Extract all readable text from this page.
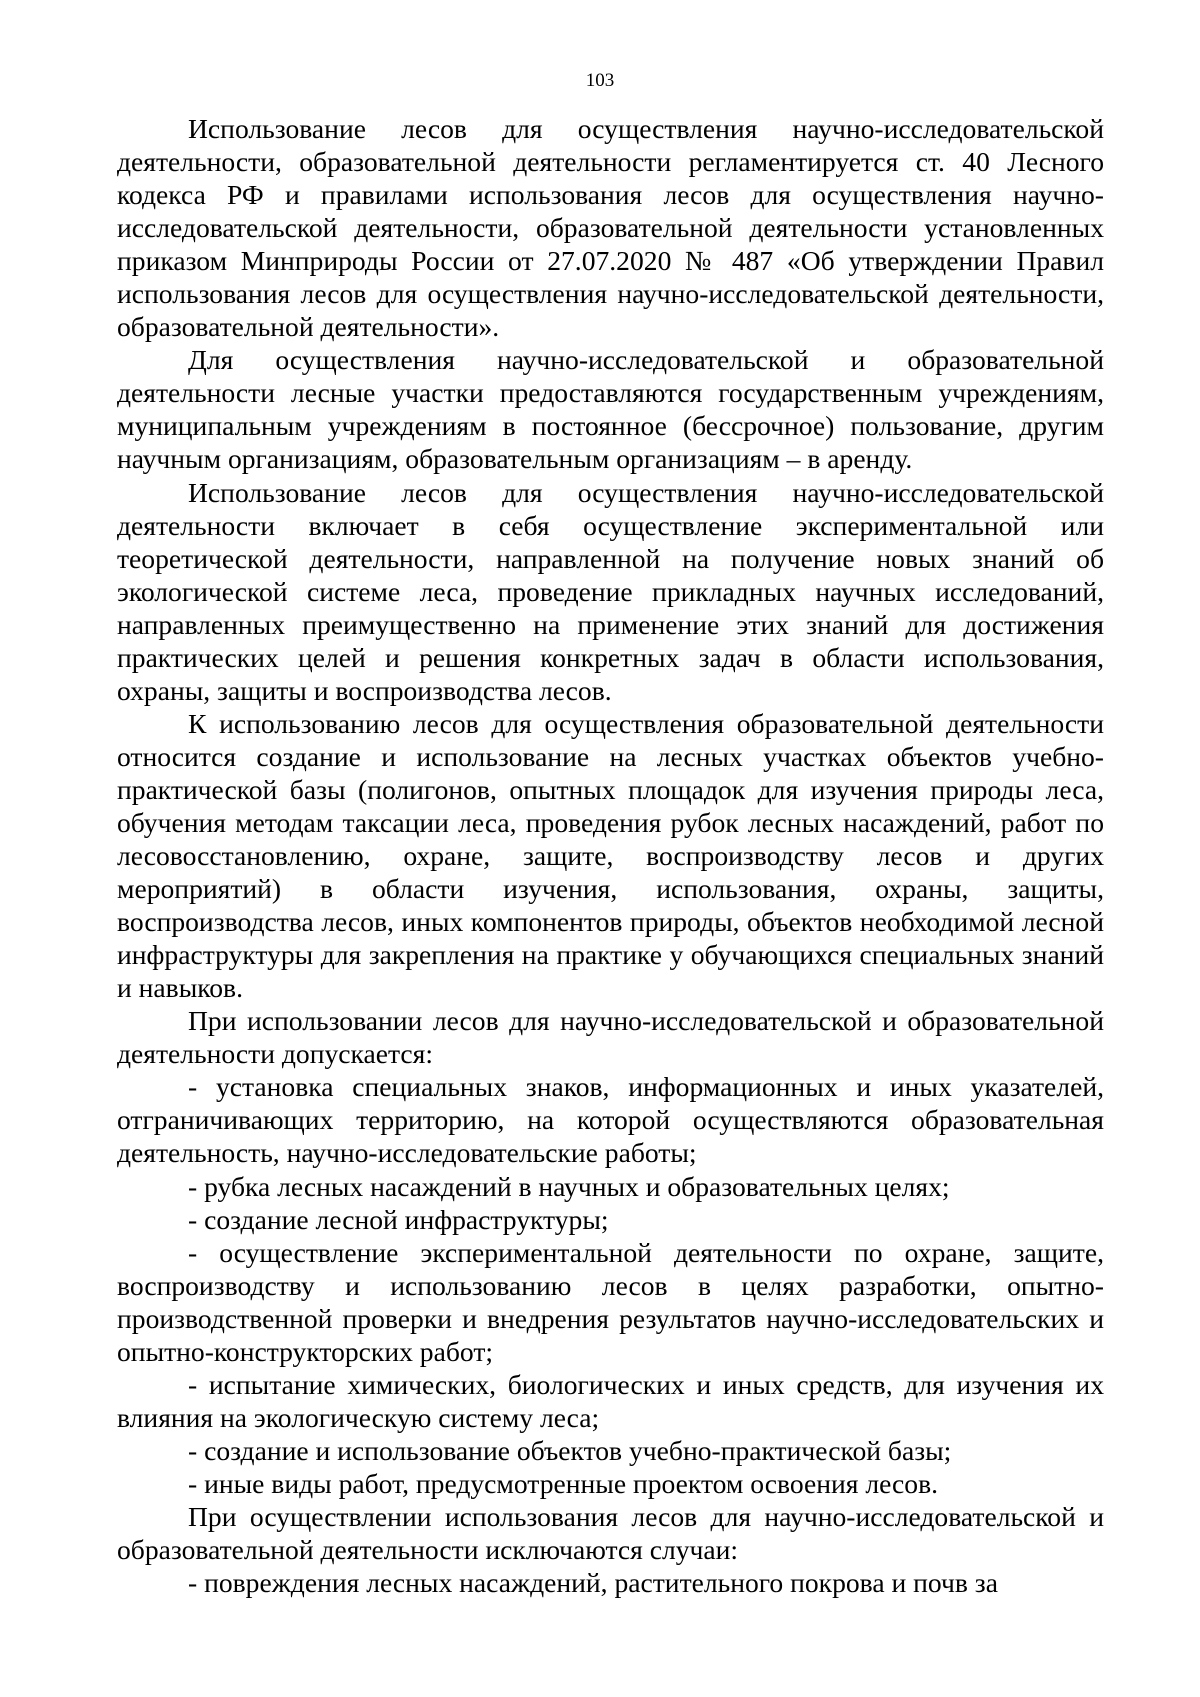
103

Использование лесов для осуществления научно-исследовательской деятельности, образовательной деятельности регламентируется ст. 40 Лесного кодекса РФ и правилами использования лесов для осуществления научно-исследовательской деятельности, образовательной деятельности установленных приказом Минприроды России от 27.07.2020 № 487 «Об утверждении Правил использования лесов для осуществления научно-исследовательской деятельности, образовательной деятельности».

Для осуществления научно-исследовательской и образовательной деятельности лесные участки предоставляются государственным учреждениям, муниципальным учреждениям в постоянное (бессрочное) пользование, другим научным организациям, образовательным организациям – в аренду.

Использование лесов для осуществления научно-исследовательской деятельности включает в себя осуществление экспериментальной или теоретической деятельности, направленной на получение новых знаний об экологической системе леса, проведение прикладных научных исследований, направленных преимущественно на применение этих знаний для достижения практических целей и решения конкретных задач в области использования, охраны, защиты и воспроизводства лесов.

К использованию лесов для осуществления образовательной деятельности относится создание и использование на лесных участках объектов учебно-практической базы (полигонов, опытных площадок для изучения природы леса, обучения методам таксации леса, проведения рубок лесных насаждений, работ по лесовосстановлению, охране, защите, воспроизводству лесов и других мероприятий) в области изучения, использования, охраны, защиты, воспроизводства лесов, иных компонентов природы, объектов необходимой лесной инфраструктуры для закрепления на практике у обучающихся специальных знаний и навыков.

При использовании лесов для научно-исследовательской и образовательной деятельности допускается:

- установка специальных знаков, информационных и иных указателей, отграничивающих территорию, на которой осуществляются образовательная деятельность, научно-исследовательские работы;

- рубка лесных насаждений в научных и образовательных целях;

- создание лесной инфраструктуры;

- осуществление экспериментальной деятельности по охране, защите, воспроизводству и использованию лесов в целях разработки, опытно-производственной проверки и внедрения результатов научно-исследовательских и опытно-конструкторских работ;

- испытание химических, биологических и иных средств, для изучения их влияния на экологическую систему леса;

- создание и использование объектов учебно-практической базы;

- иные виды работ, предусмотренные проектом освоения лесов.

При осуществлении использования лесов для научно-исследовательской и образовательной деятельности исключаются случаи:

- повреждения лесных насаждений, растительного покрова и почв за
